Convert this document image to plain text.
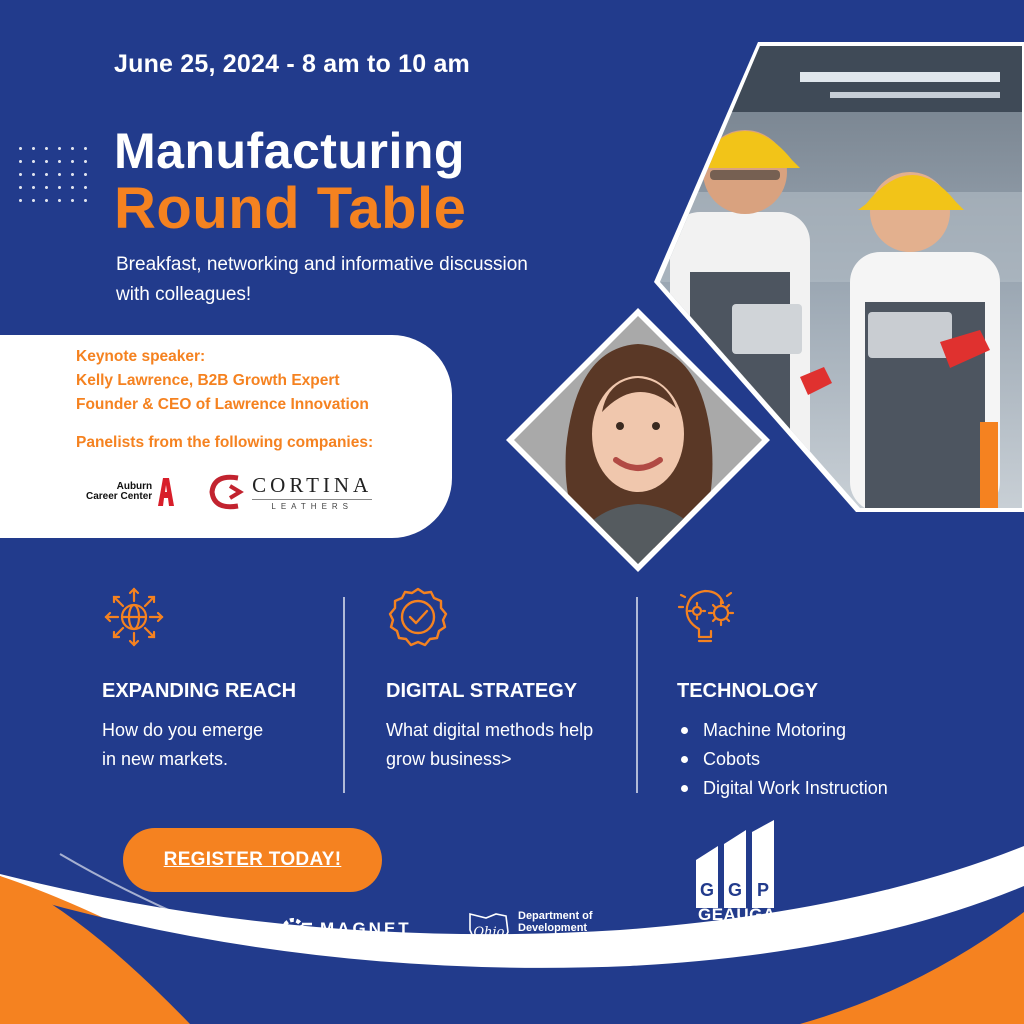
June 25, 2024 - 8 am to 10 am
Manufacturing
Round Table
Breakfast, networking and informative discussion with colleagues!
Keynote speaker:
Kelly Lawrence, B2B Growth Expert
Founder & CEO of Lawrence Innovation
Panelists from the following companies:
Auburn
Career Center	CORTINA
LEATHERS
EXPANDING REACH
How do you emerge in new markets.
DIGITAL STRATEGY
What digital methods help grow business>
TECHNOLOGY
Machine Motoring
Cobots
Digital Work Instruction
REGISTER TODAY!
MAGNET	Ohio
Department of
Development
Manufacturing Extension Partnership
G G P
GEAUGA
GROWTH
PARTNERSHIP
